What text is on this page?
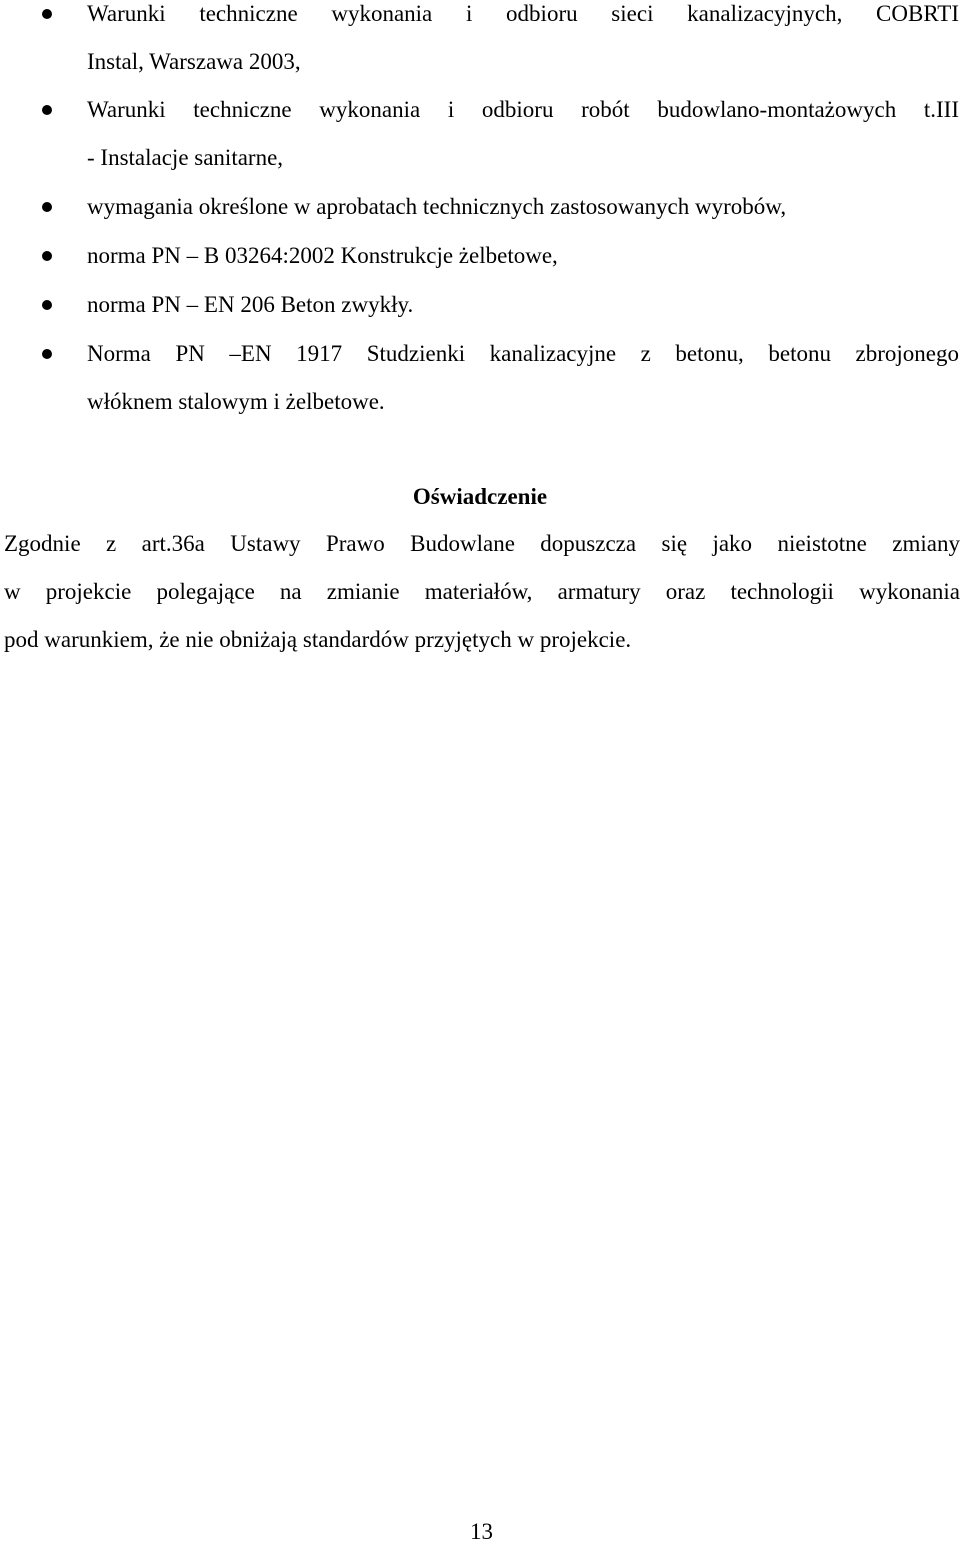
Warunki techniczne wykonania i odbioru sieci kanalizacyjnych, COBRTI
Instal, Warszawa 2003,
Warunki techniczne wykonania i odbioru robót budowlano-montażowych t.III
- Instalacje sanitarne,
wymagania określone w aprobatach technicznych zastosowanych wyrobów,
norma PN – B 03264:2002 Konstrukcje żelbetowe,
norma PN – EN 206 Beton zwykły.
Norma PN –EN 1917 Studzienki kanalizacyjne z betonu, betonu zbrojonego
włóknem stalowym i żelbetowe.
Oświadczenie
Zgodnie z art.36a Ustawy Prawo Budowlane dopuszcza się jako nieistotne zmiany
w projekcie polegające na zmianie materiałów, armatury oraz technologii wykonania
pod warunkiem, że nie obniżają standardów przyjętych w projekcie.
13
